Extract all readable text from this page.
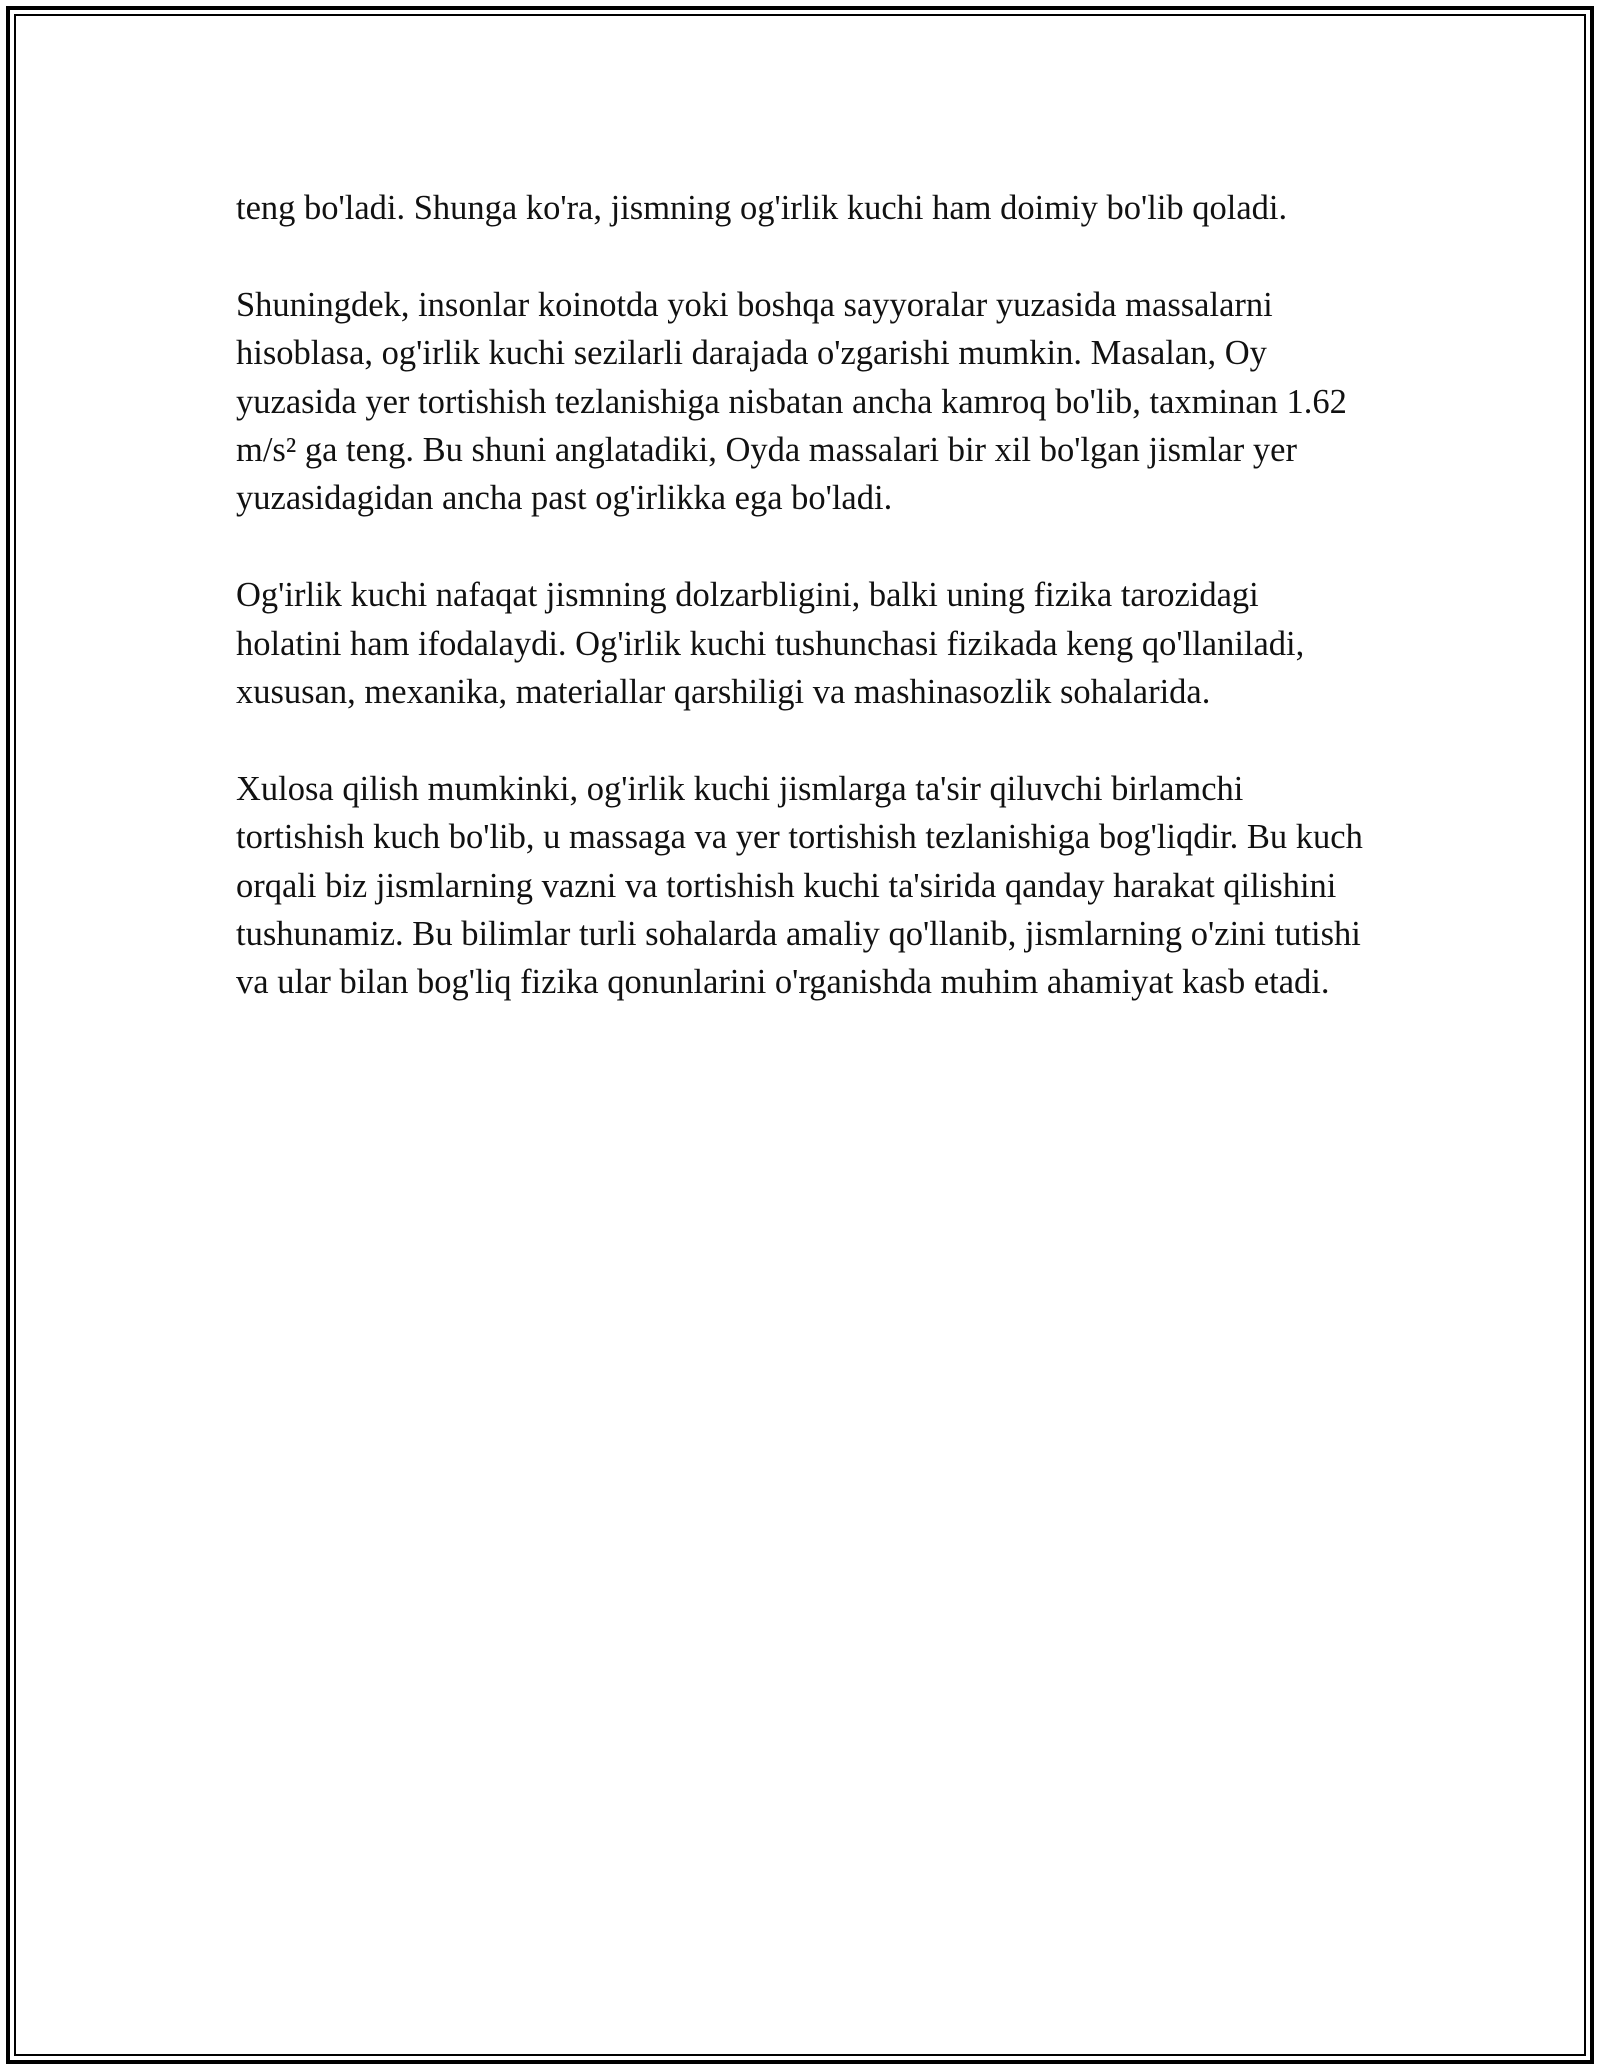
teng bo'ladi. Shunga ko'ra, jismning og'irlik kuchi ham doimiy bo'lib qoladi.

Shuningdek, insonlar koinotda yoki boshqa sayyoralar yuzasida massalarni hisoblasa, og'irlik kuchi sezilarli darajada o'zgarishi mumkin. Masalan, Oy yuzasida yer tortishish tezlanishiga nisbatan ancha kamroq bo'lib, taxminan 1.62 m/s² ga teng. Bu shuni anglatadiki, Oyda massalari bir xil bo'lgan jismlar yer yuzasidagidan ancha past og'irlikka ega bo'ladi.

Og'irlik kuchi nafaqat jismning dolzarbligini, balki uning fizika tarozidagi holatini ham ifodalaydi. Og'irlik kuchi tushunchasi fizikada keng qo'llaniladi, xususan, mexanika, materiallar qarshiligi va mashinasozlik sohalarida.

Xulosa qilish mumkinki, og'irlik kuchi jismlarga ta'sir qiluvchi birlamchi tortishish kuch bo'lib, u massaga va yer tortishish tezlanishiga bog'liqdir. Bu kuch orqali biz jismlarning vazni va tortishish kuchi ta'sirida qanday harakat qilishini tushunamiz. Bu bilimlar turli sohalarda amaliy qo'llanib, jismlarning o'zini tutishi va ular bilan bog'liq fizika qonunlarini o'rganishda muhim ahamiyat kasb etadi.
